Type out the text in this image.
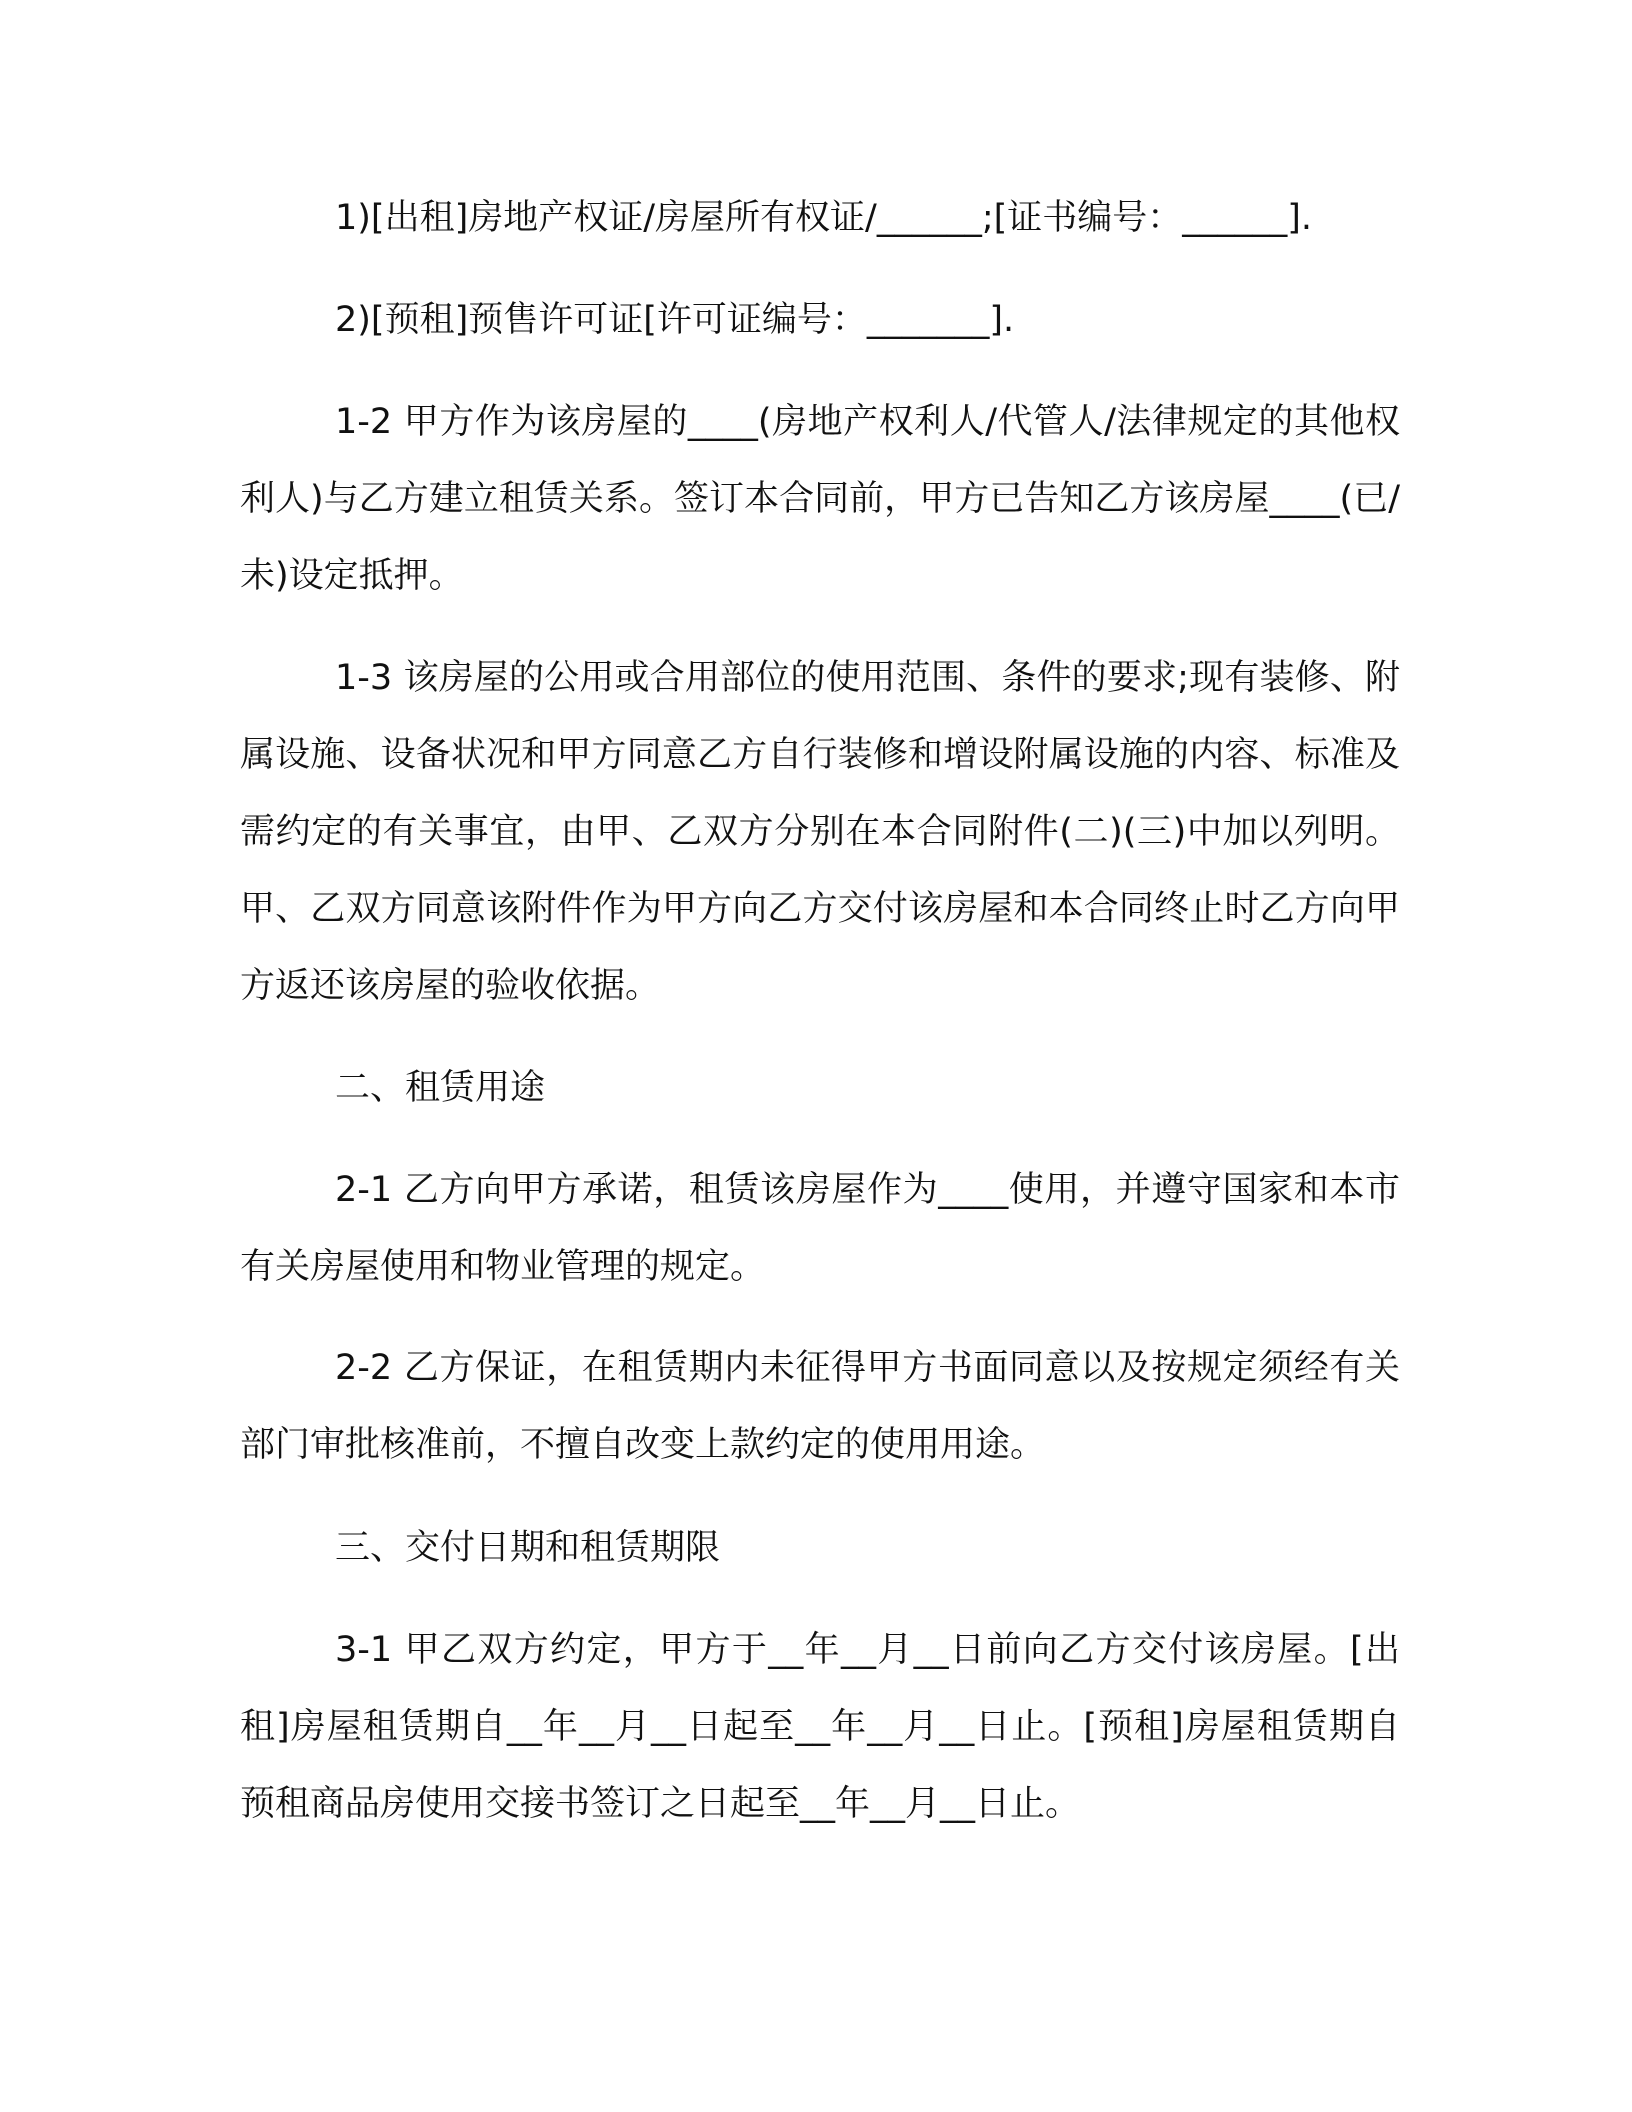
1)[出租]房地产权证/房屋所有权证/______;[证书编号：______].

2)[预租]预售许可证[许可证编号：_______].

1-2 甲方作为该房屋的____(房地产权利人/代管人/法律规定的其他权利人)与乙方建立租赁关系。签订本合同前，甲方已告知乙方该房屋____(已/未)设定抵押。

1-3 该房屋的公用或合用部位的使用范围、条件的要求;现有装修、附属设施、设备状况和甲方同意乙方自行装修和增设附属设施的内容、标准及需约定的有关事宜，由甲、乙双方分别在本合同附件(二)(三)中加以列明。甲、乙双方同意该附件作为甲方向乙方交付该房屋和本合同终止时乙方向甲方返还该房屋的验收依据。

二、租赁用途

2-1 乙方向甲方承诺，租赁该房屋作为____使用，并遵守国家和本市有关房屋使用和物业管理的规定。

2-2 乙方保证，在租赁期内未征得甲方书面同意以及按规定须经有关部门审批核准前，不擅自改变上款约定的使用用途。

三、交付日期和租赁期限

3-1 甲乙双方约定，甲方于__年__月__日前向乙方交付该房屋。[出租]房屋租赁期自__年__月__日起至__年__月__日止。[预租]房屋租赁期自预租商品房使用交接书签订之日起至__年__月__日止。
